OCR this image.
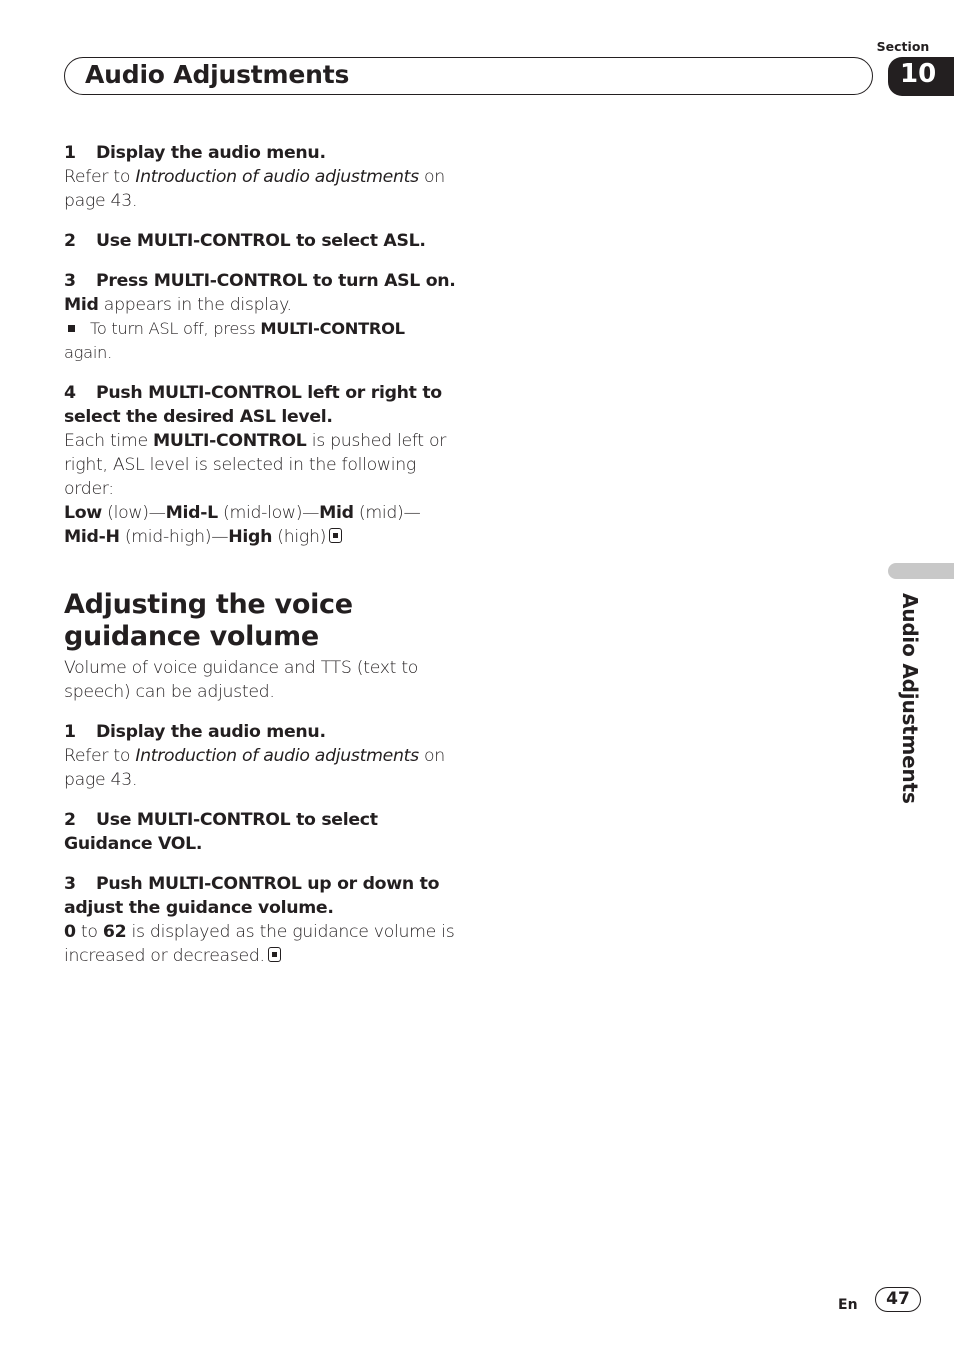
Section
Audio Adjustments	10
Audio Adjustments

1 Display the audio menu.

Refer to Introduction of audio adjustments on page 43.

2 Use MULTI-CONTROL to select ASL.

3 Press MULTI-CONTROL to turn ASL on.

Mid appears in the display.

To turn ASL off, press MULTI-CONTROL again.

4 Push MULTI-CONTROL left or right to select the desired ASL level.

Each time MULTI-CONTROL is pushed left or right, ASL level is selected in the following order:

Low (low)—Mid-L (mid-low)—Mid (mid)—Mid-H (mid-high)—High (high)

Adjusting the voice guidance volume

Volume of voice guidance and TTS (text to speech) can be adjusted.

1 Display the audio menu.

Refer to Introduction of audio adjustments on page 43.

2 Use MULTI-CONTROL to select Guidance VOL.

3 Push MULTI-CONTROL up or down to adjust the guidance volume.

0 to 62 is displayed as the guidance volume is increased or decreased.

En	47
